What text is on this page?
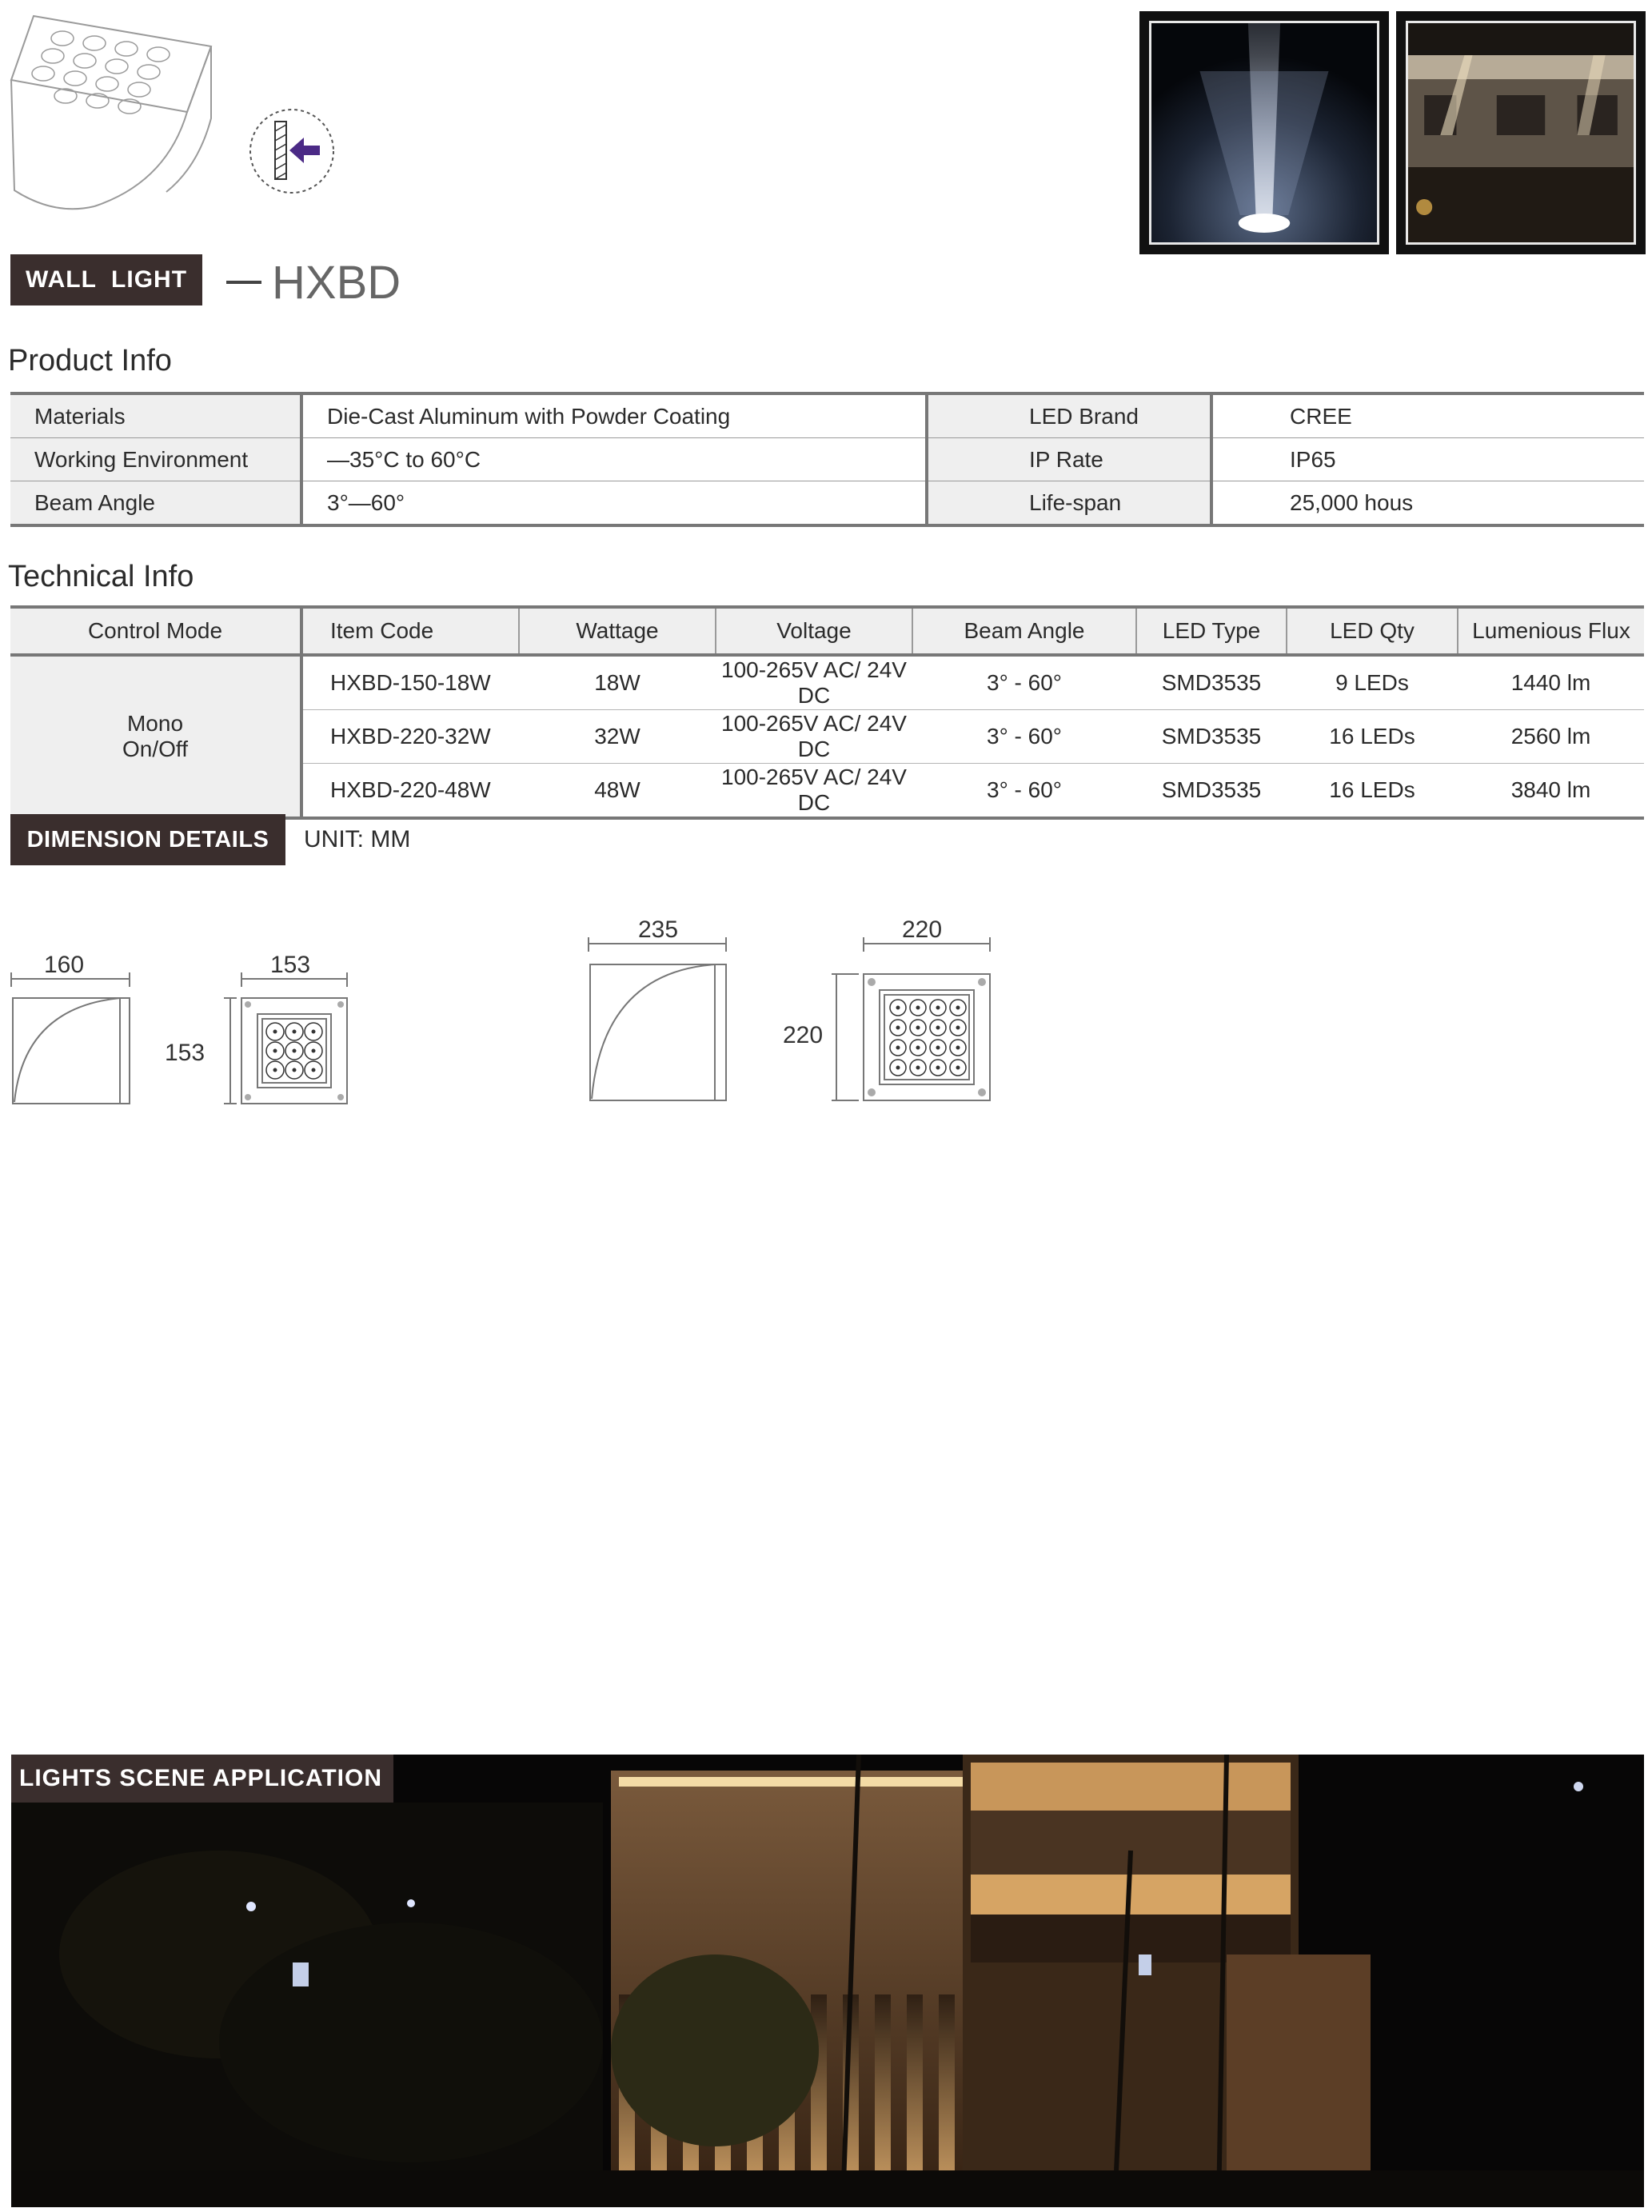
WALL  LIGHT HXBD
Product Info
Materials	Die-Cast Aluminum with Powder Coating	LED Brand	CREE
Working Environment	—35°C to 60°C	IP Rate	IP65
Beam Angle	3°—60°	Life-span	25,000 hous
Technical Info
Control Mode	Item Code	Wattage	Voltage	Beam Angle	LED Type	LED Qty	Lumenious Flux

Mono
On/Off	HXBD-150-18W	18W	100-265V AC/ 24V DC	3° - 60°	SMD3535	9 LEDs	1440 lm
	HXBD-220-32W	32W	100-265V AC/ 24V DC	3° - 60°	SMD3535	16 LEDs	2560 lm
	HXBD-220-48W	48W	100-265V AC/ 24V DC	3° - 60°	SMD3535	16 LEDs	3840 lm
DIMENSION DETAILS UNIT: MM
160	153
153
235	220
220
LIGHTS SCENE APPLICATION
